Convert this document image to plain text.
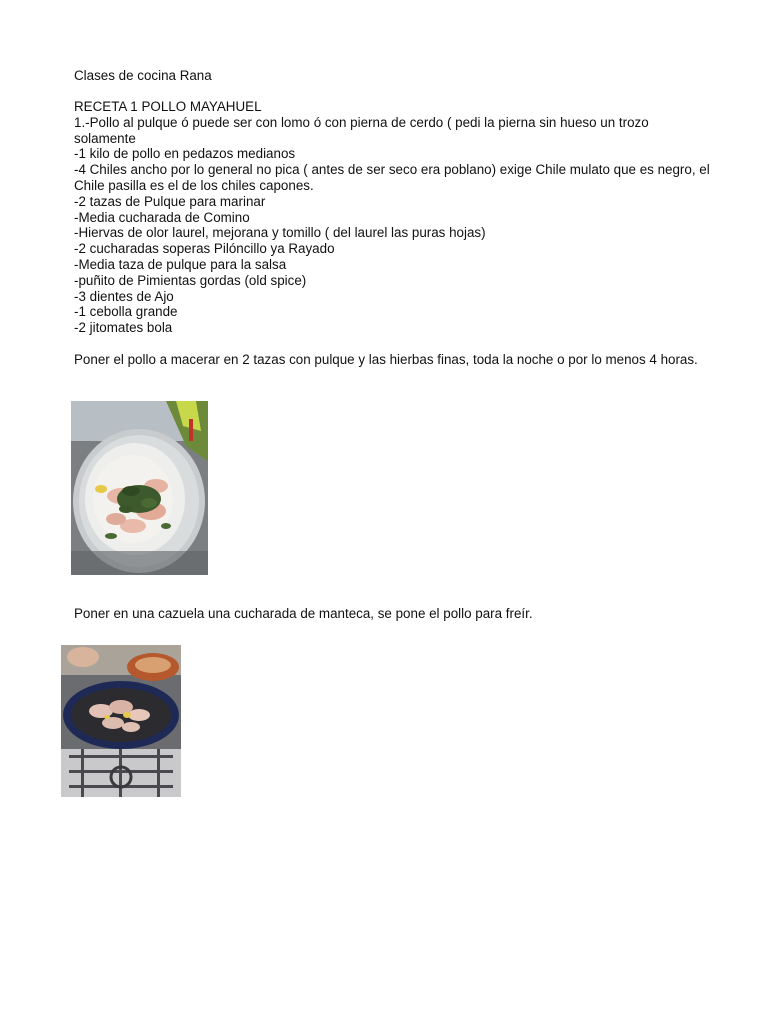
Clases de cocina Rana

RECETA 1 POLLO MAYAHUEL

1.-Pollo al pulque ó puede ser con lomo ó con pierna de cerdo ( pedi la pierna sin hueso un trozo solamente

-1 kilo de pollo en pedazos medianos

-4 Chiles ancho por lo general no pica ( antes de ser seco era poblano) exige Chile mulato que es negro, el Chile pasilla es el de los chiles capones.

-2 tazas de Pulque para marinar

-Media cucharada de Comino

-Hiervas de olor laurel, mejorana y tomillo ( del laurel las puras hojas)

-2 cucharadas soperas Pilóncillo ya Rayado

-Media taza de pulque para la salsa

-puñito de Pimientas gordas (old spice)

-3 dientes de Ajo

-1 cebolla grande

-2 jitomates bola

Poner el pollo a macerar en 2 tazas con pulque y las hierbas finas, toda la noche o por lo menos 4 horas.

Poner en una cazuela una cucharada de manteca, se pone el pollo para freír.
